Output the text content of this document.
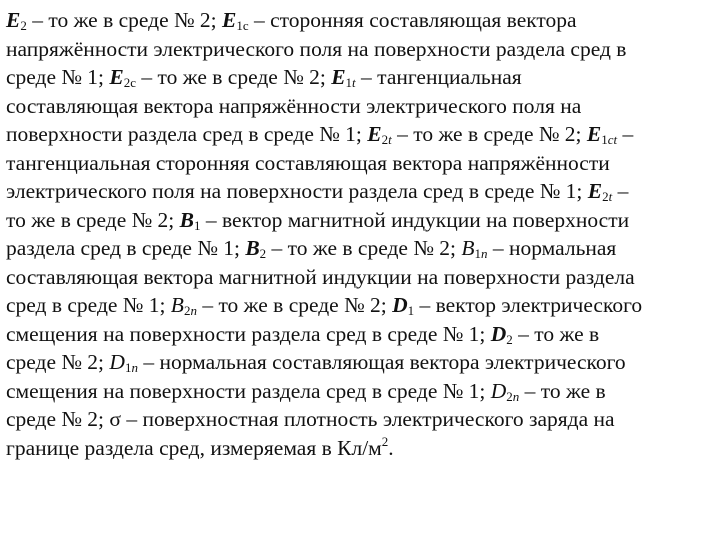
$E_2$ – то же в среде № 2; $E_{1с}$ – сторонняя составляющая вектора
напряжённости электрического поля на поверхности раздела сред в
среде № 1; $E_{2с}$ – то же в среде № 2; $E_{1t}$ – тангенциальная
составляющая вектора напряжённости электрического поля на
поверхности раздела сред в среде № 1; $E_{2t}$ – то же в среде № 2; $E_{1ct}$ –
тангенциальная сторонняя составляющая вектора напряжённости
электрического поля на поверхности раздела сред в среде № 1; $E_{2t}$ –
то же в среде № 2; $B_1$ – вектор магнитной индукции на поверхности
раздела сред в среде № 1; $B_2$ – то же в среде № 2; $B_{1n}$ – нормальная
составляющая вектора магнитной индукции на поверхности раздела
сред в среде № 1; $B_{2n}$ – то же в среде № 2; $D_1$ – вектор электрического
смещения на поверхности раздела сред в среде № 1; $D_2$ – то же в
среде № 2; $D_{1n}$ – нормальная составляющая вектора электрического
смещения на поверхности раздела сред в среде № 1; $D_{2n}$ – то же в
среде № 2; σ – поверхностная плотность электрического заряда на
границе раздела сред, измеряемая в $Кл/м^2$.
